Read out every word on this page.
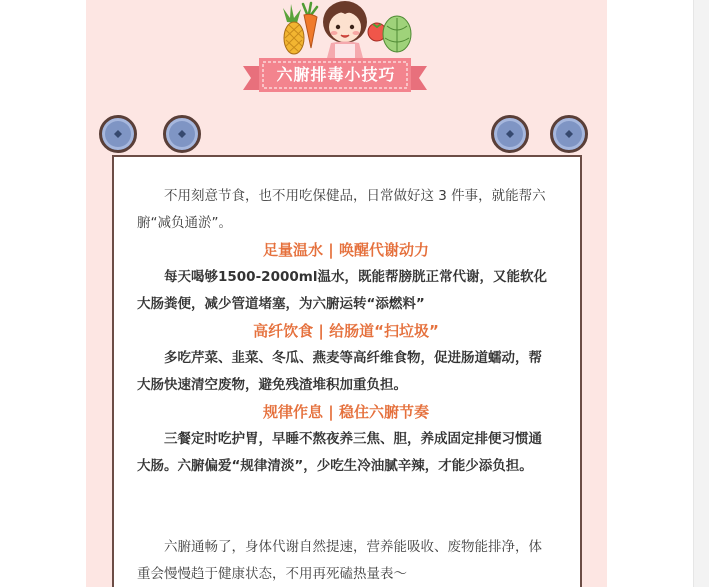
六腑排毒小技巧

不用刻意节食，也不用吃保健品，日常做好这 3 件事，就能帮六腑“减负通淤”。

足量温水 | 唤醒代谢动力

每天喝够1500-2000ml温水，既能帮膀胱正常代谢，又能软化大肠粪便，减少管道堵塞，为六腑运转“添燃料”

高纤饮食 | 给肠道“扫垃圾”

多吃芹菜、韭菜、冬瓜、燕麦等高纤维食物，促进肠道蠕动，帮大肠快速清空废物，避免残渣堆积加重负担。

规律作息 | 稳住六腑节奏

三餐定时吃护胃，早睡不熬夜养三焦、胆，养成固定排便习惯通大肠。六腑偏爱“规律清淡”，少吃生冷油腻辛辣，才能少添负担。

六腑通畅了，身体代谢自然提速，营养能吸收、废物能排净，体重会慢慢趋于健康状态，不用再死磕热量表～
